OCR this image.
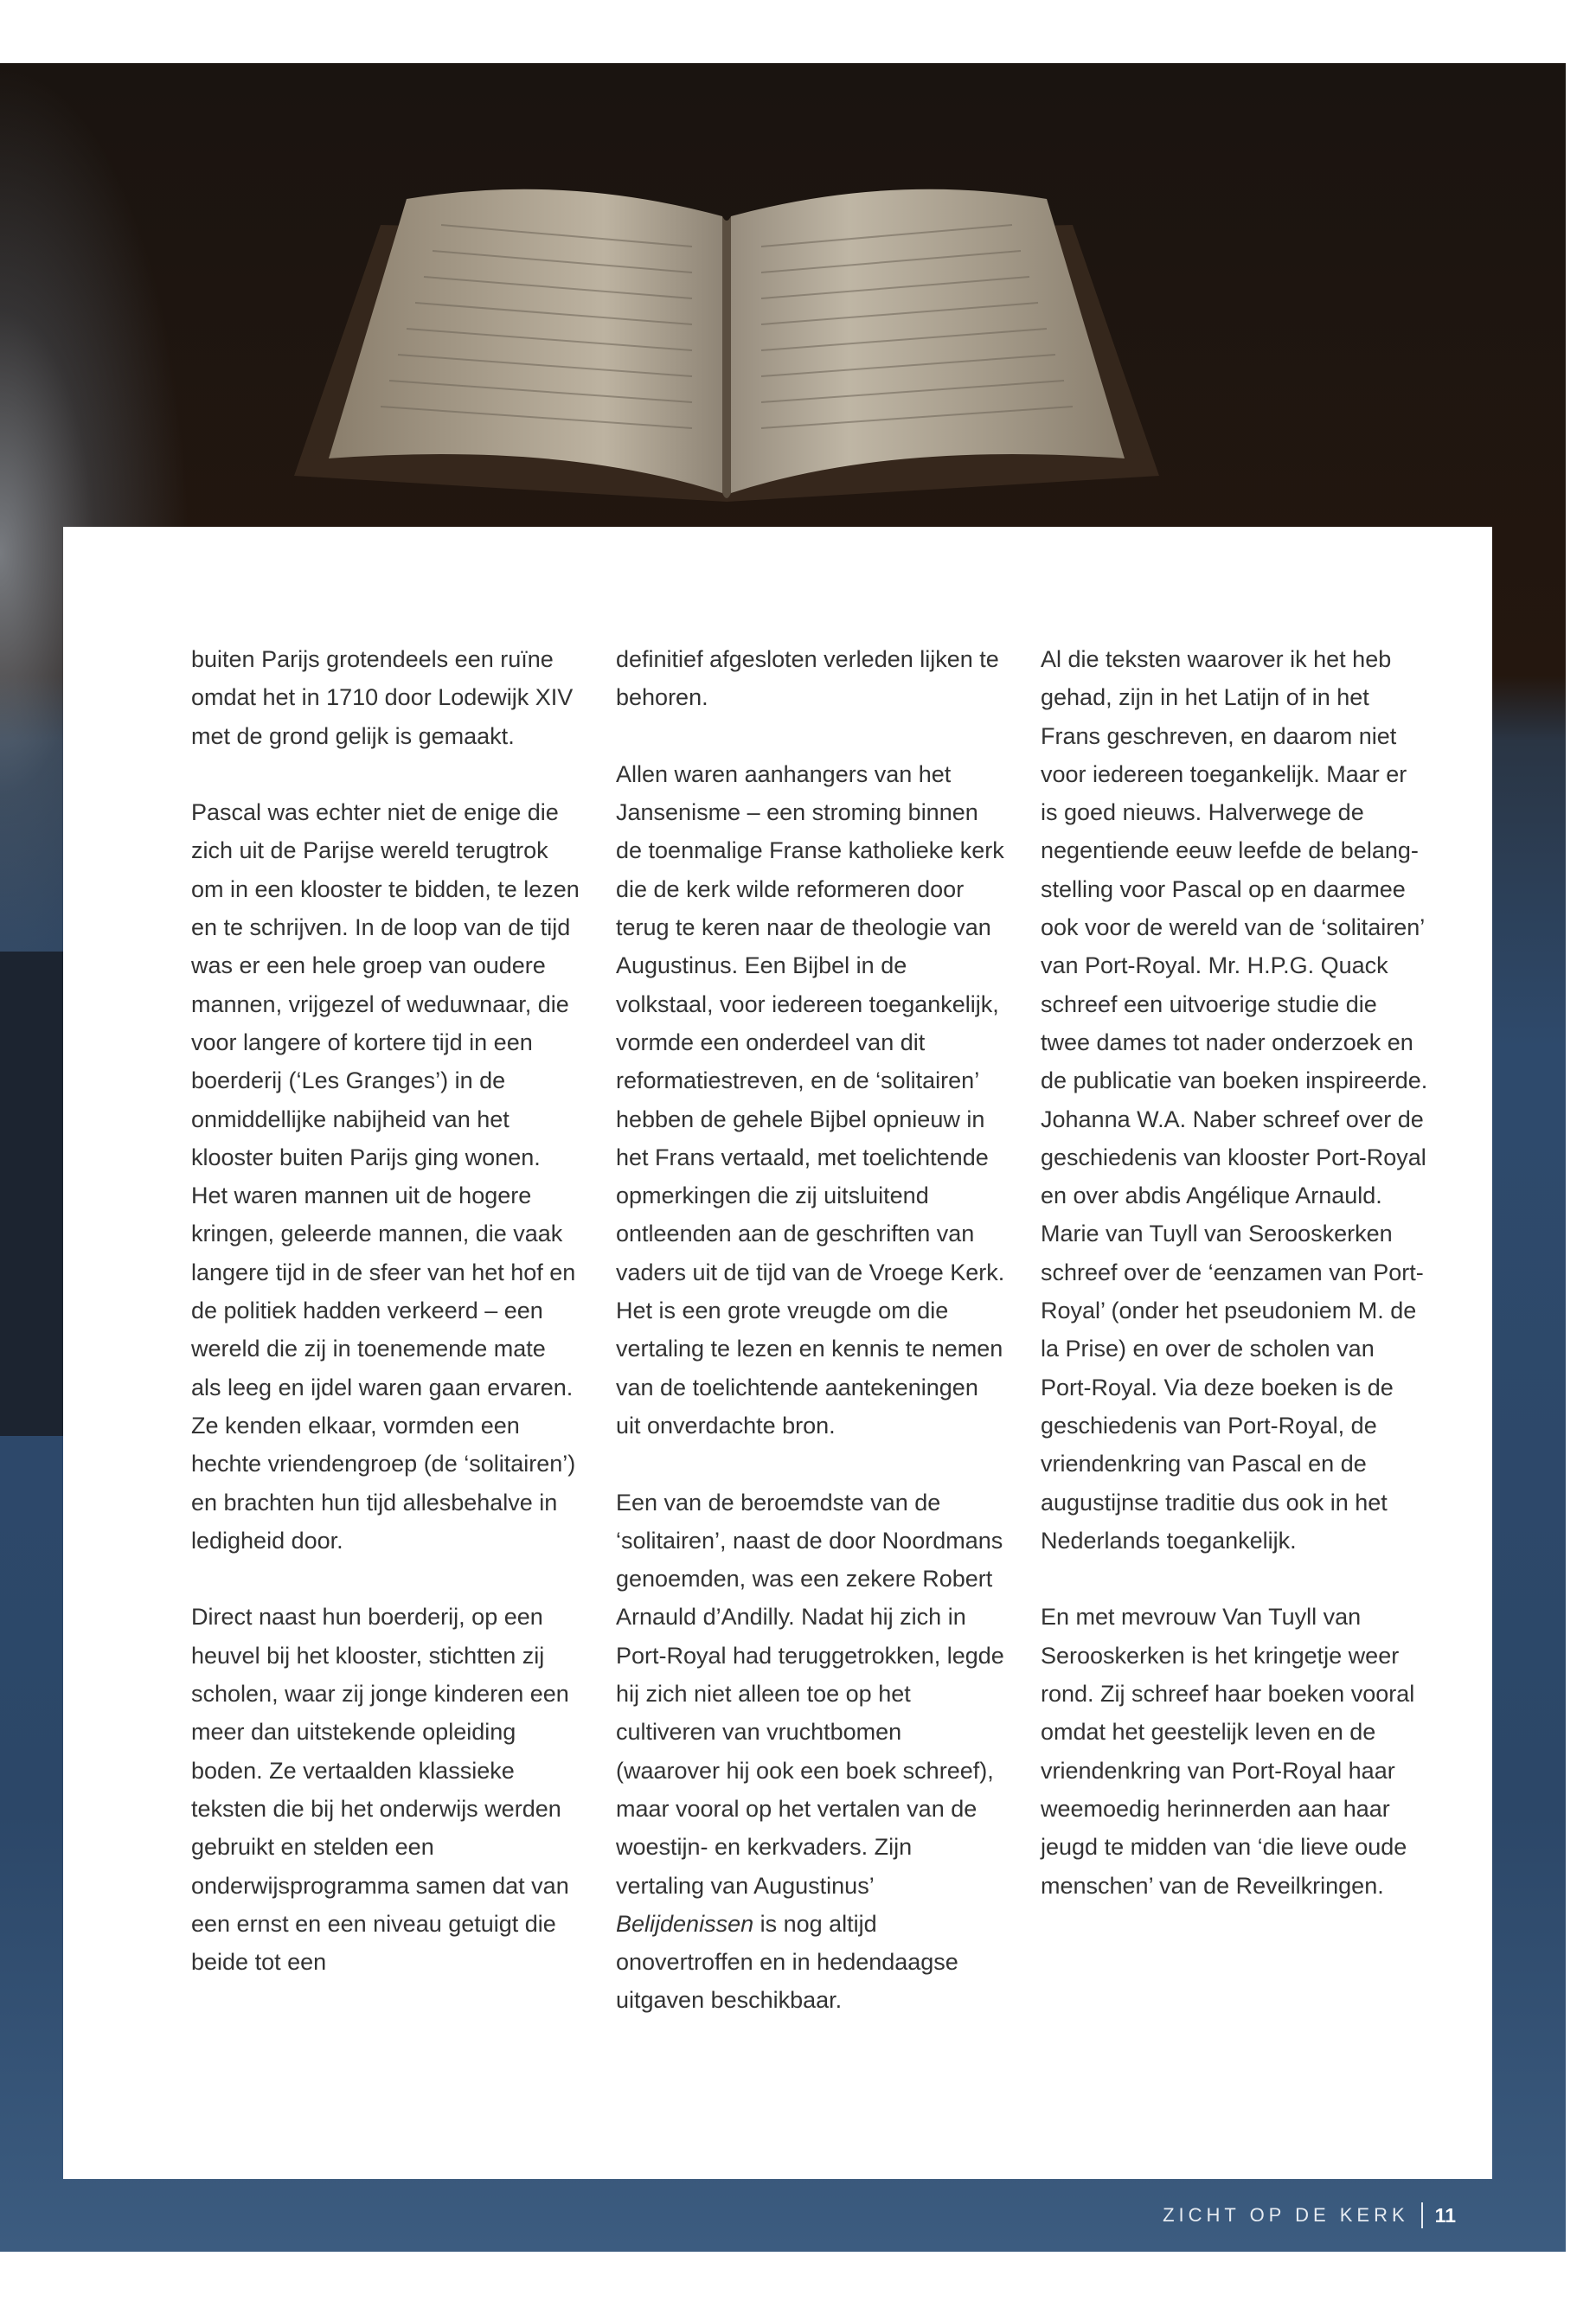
buiten Parijs grotendeels een ruïne omdat het in 1710 door Lodewijk XIV met de grond gelijk is gemaakt.

Pascal was echter niet de enige die zich uit de Parijse wereld terugtrok om in een klooster te bidden, te lezen en te schrijven. In de loop van de tijd was er een hele groep van oudere mannen, vrijgezel of weduwnaar, die voor langere of kortere tijd in een boerderij (‘Les Granges’) in de onmiddellijke nabijheid van het klooster buiten Parijs ging wonen. Het waren mannen uit de hogere kringen, geleerde mannen, die vaak langere tijd in de sfeer van het hof en de politiek hadden verkeerd – een wereld die zij in toenemende mate als leeg en ijdel waren gaan ervaren. Ze kenden elkaar, vormden een hechte vriendengroep (de ‘solitairen’) en brachten hun tijd allesbehalve in ledigheid door.

Direct naast hun boerderij, op een heuvel bij het klooster, stichtten zij scholen, waar zij jonge kinderen een meer dan uitstekende opleiding boden. Ze vertaalden klassieke teksten die bij het onderwijs werden gebruikt en stelden een onderwijsprogramma samen dat van een ernst en een niveau getuigt die beide tot een

definitief afgesloten verleden lijken te behoren.

Allen waren aanhangers van het Jansenisme – een stroming binnen de toenmalige Franse katholieke kerk die de kerk wilde reformeren door terug te keren naar de theologie van Augustinus. Een Bijbel in de volkstaal, voor iedereen toegankelijk, vormde een onderdeel van dit reformatiestreven, en de ‘solitairen’ hebben de gehele Bijbel opnieuw in het Frans vertaald, met toelichtende opmerkingen die zij uitsluitend ontleenden aan de geschriften van vaders uit de tijd van de Vroege Kerk. Het is een grote vreugde om die vertaling te lezen en kennis te nemen van de toelichtende aantekeningen uit onverdachte bron.

Een van de beroemdste van de ‘solitairen’, naast de door Noordmans genoemden, was een zekere Robert Arnauld d’Andilly. Nadat hij zich in Port-Royal had teruggetrokken, legde hij zich niet alleen toe op het cultiveren van vruchtbomen (waarover hij ook een boek schreef), maar vooral op het vertalen van de woestijn- en kerkvaders. Zijn vertaling van Augustinus’ Belijdenissen is nog altijd onovertroffen en in hedendaagse uitgaven beschikbaar.

Al die teksten waarover ik het heb gehad, zijn in het Latijn of in het Frans geschreven, en daarom niet voor iedereen toegankelijk. Maar er is goed nieuws. Halverwege de negentiende eeuw leefde de belangstelling voor Pascal op en daarmee ook voor de wereld van de ‘solitairen’ van Port-Royal. Mr. H.P.G. Quack schreef een uitvoerige studie die twee dames tot nader onderzoek en de publicatie van boeken inspireerde. Johanna W.A. Naber schreef over de geschiedenis van klooster Port-Royal en over abdis Angélique Arnauld. Marie van Tuyll van Serooskerken schreef over de ‘eenzamen van Port-Royal’ (onder het pseudoniem M. de la Prise) en over de scholen van Port-Royal. Via deze boeken is de geschiedenis van Port-Royal, de vriendenkring van Pascal en de augustijnse traditie dus ook in het Nederlands toegankelijk.

En met mevrouw Van Tuyll van Serooskerken is het kringetje weer rond. Zij schreef haar boeken vooral omdat het geestelijk leven en de vriendenkring van Port-Royal haar weemoedig herinnerden aan haar jeugd te midden van ‘die lieve oude menschen’ van de Reveilkringen.

ZICHT OP DE KERK 11
